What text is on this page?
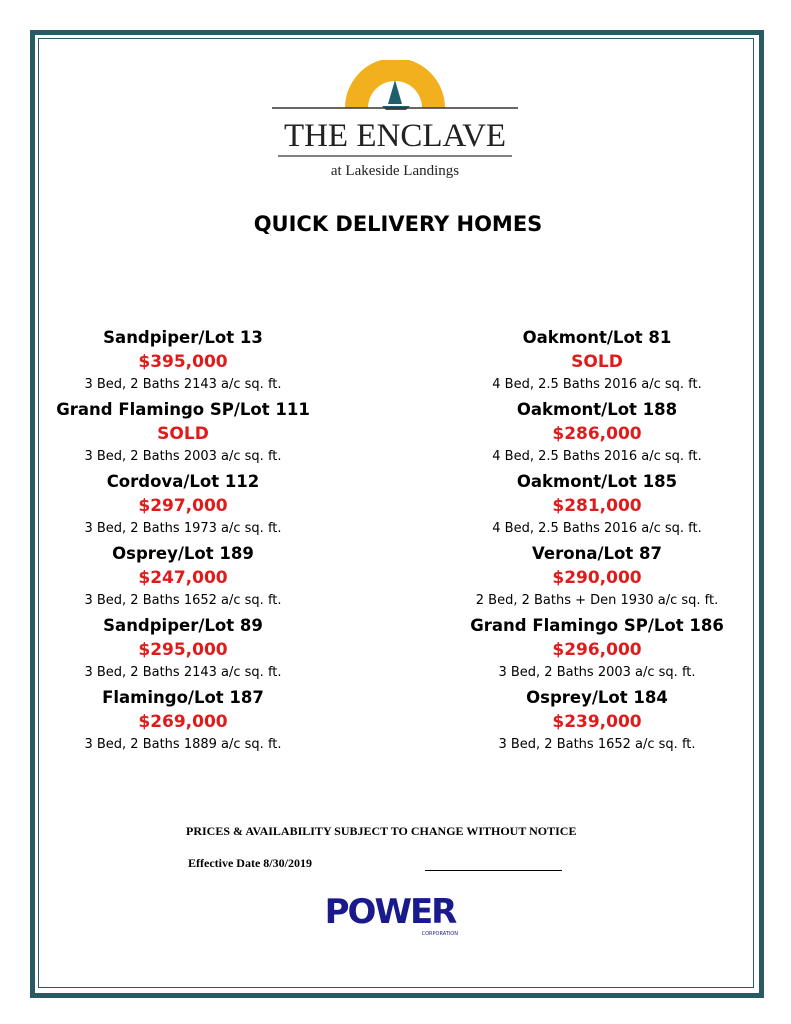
THE ENCLAVE
at Lakeside Landings
QUICK DELIVERY HOMES
Sandpiper/Lot 13
$395,000
3 Bed, 2 Baths 2143 a/c sq. ft.
Grand Flamingo SP/Lot 111
SOLD
3 Bed, 2 Baths 2003 a/c sq. ft.
Cordova/Lot 112
$297,000
3 Bed, 2 Baths 1973 a/c sq. ft.
Osprey/Lot 189
$247,000
3 Bed, 2 Baths 1652 a/c sq. ft.
Sandpiper/Lot 89
$295,000
3 Bed, 2 Baths 2143 a/c sq. ft.
Flamingo/Lot 187
$269,000
3 Bed, 2 Baths 1889 a/c sq. ft.
Oakmont/Lot 81
SOLD
4 Bed, 2.5 Baths 2016 a/c sq. ft.
Oakmont/Lot 188
$286,000
4 Bed, 2.5 Baths 2016 a/c sq. ft.
Oakmont/Lot 185
$281,000
4 Bed, 2.5 Baths 2016 a/c sq. ft.
Verona/Lot 87
$290,000
2 Bed, 2 Baths + Den 1930 a/c sq. ft.
Grand Flamingo SP/Lot 186
$296,000
3 Bed, 2 Baths 2003 a/c sq. ft.
Osprey/Lot 184
$239,000
3 Bed, 2 Baths 1652 a/c sq. ft.
PRICES & AVAILABILITY SUBJECT TO CHANGE WITHOUT NOTICE
Effective Date 8/30/2019
POWER
CORPORATION
